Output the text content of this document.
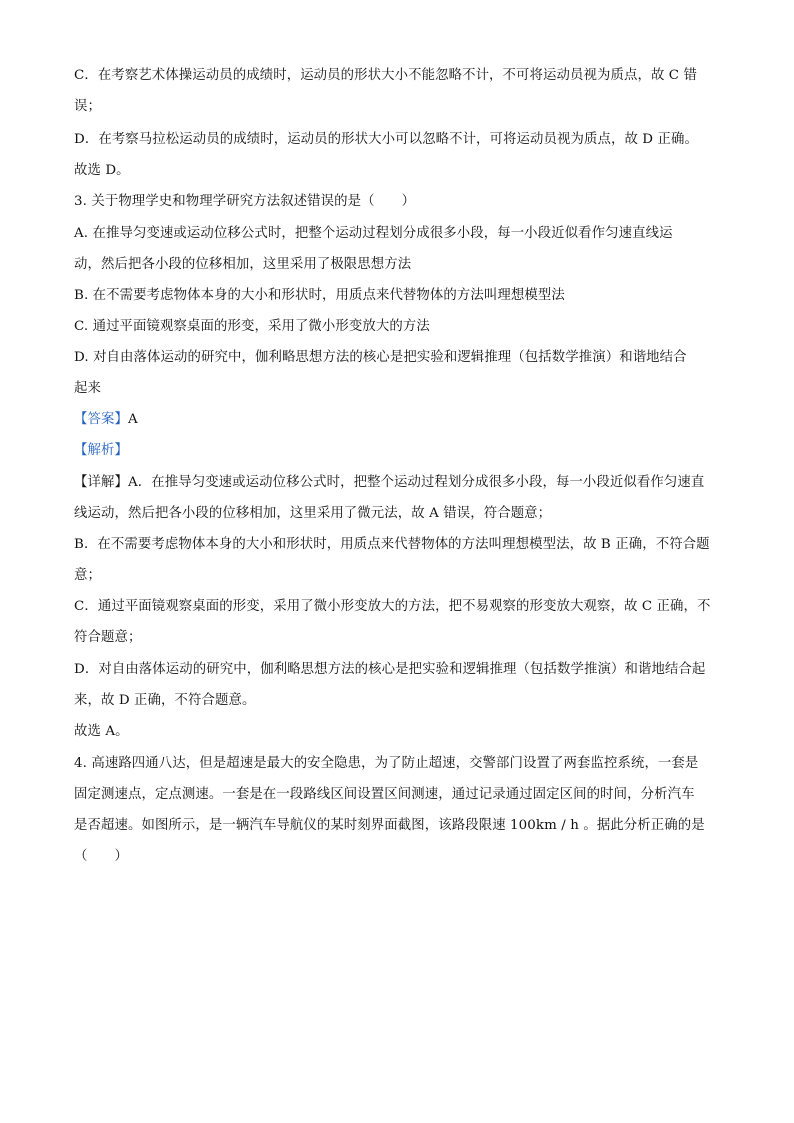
C．在考察艺术体操运动员的成绩时，运动员的形状大小不能忽略不计，不可将运动员视为质点，故 C 错
误；
D．在考察马拉松运动员的成绩时，运动员的形状大小可以忽略不计，可将运动员视为质点，故 D 正确。
故选 D。
3. 关于物理学史和物理学研究方法叙述错误的是（　　）
A. 在推导匀变速或运动位移公式时，把整个运动过程划分成很多小段，每一小段近似看作匀速直线运
动，然后把各小段的位移相加，这里采用了极限思想方法
B. 在不需要考虑物体本身的大小和形状时，用质点来代替物体的方法叫理想模型法
C. 通过平面镜观察桌面的形变，采用了微小形变放大的方法
D. 对自由落体运动的研究中，伽利略思想方法的核心是把实验和逻辑推理（包括数学推演）和谐地结合
起来
【答案】A
【解析】
【详解】A．在推导匀变速或运动位移公式时，把整个运动过程划分成很多小段，每一小段近似看作匀速直
线运动，然后把各小段的位移相加，这里采用了微元法，故 A 错误，符合题意；
B．在不需要考虑物体本身的大小和形状时，用质点来代替物体的方法叫理想模型法，故 B 正确，不符合题
意；
C．通过平面镜观察桌面的形变，采用了微小形变放大的方法，把不易观察的形变放大观察，故 C 正确，不
符合题意；
D．对自由落体运动的研究中，伽利略思想方法的核心是把实验和逻辑推理（包括数学推演）和谐地结合起
来，故 D 正确，不符合题意。
故选 A。
4. 高速路四通八达，但是超速是最大的安全隐患，为了防止超速，交警部门设置了两套监控系统，一套是
固定测速点，定点测速。一套是在一段路线区间设置区间测速，通过记录通过固定区间的时间，分析汽车
是否超速。如图所示，是一辆汽车导航仪的某时刻界面截图，该路段限速 100km / h 。据此分析正确的是
（　　）
